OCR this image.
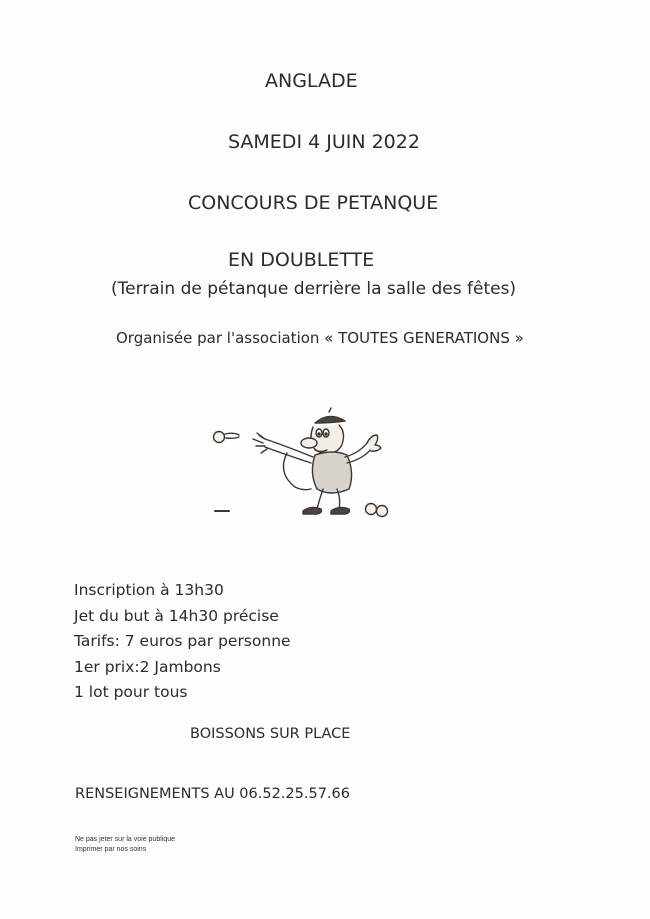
ANGLADE
SAMEDI 4 JUIN 2022
CONCOURS DE PETANQUE
EN DOUBLETTE
(Terrain de pétanque derrière la salle des fêtes)
Organisée par l'association « TOUTES GENERATIONS »
Inscription à 13h30
Jet du but à 14h30 précise
Tarifs: 7 euros par personne
1er prix:2 Jambons
1 lot pour tous
BOISSONS SUR PLACE
RENSEIGNEMENTS AU 06.52.25.57.66
Ne pas jeter sur la voie publique
Imprimer par nos soins
